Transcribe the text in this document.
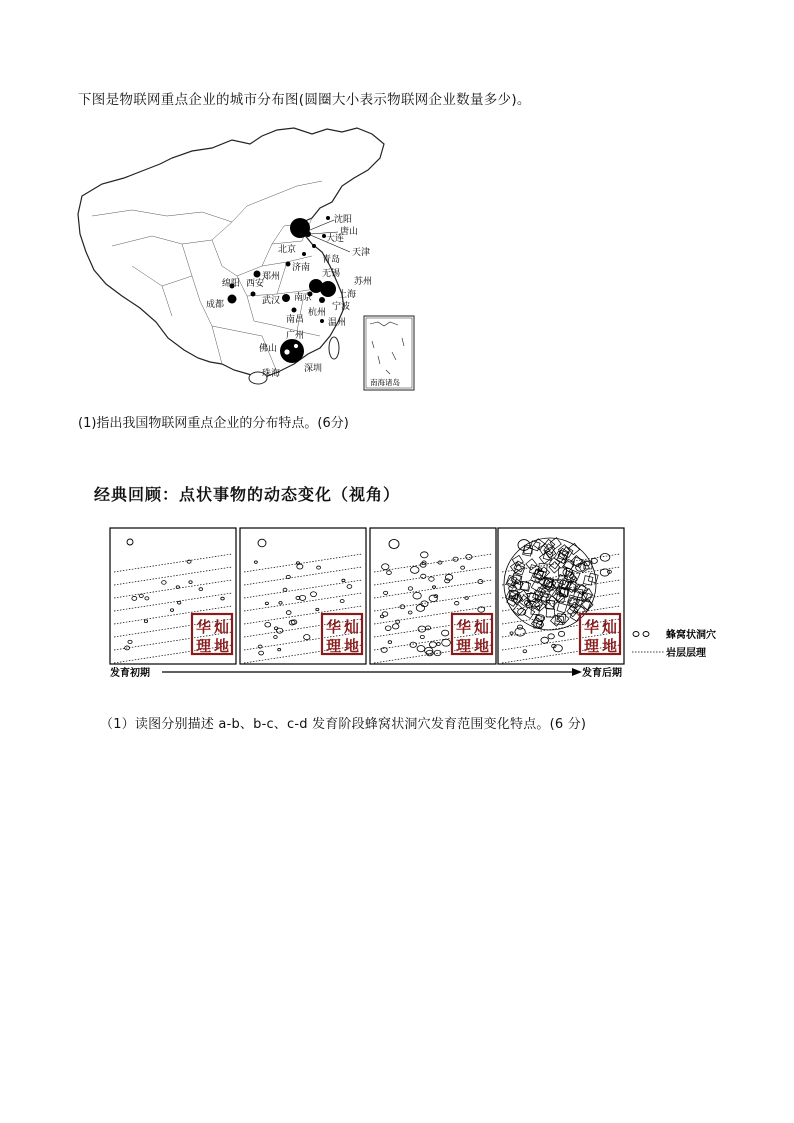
下图是物联网重点企业的城市分布图(圆圈大小表示物联网企业数量多少)。
沈阳
唐山
大连
北京	天津
济南
青岛
郑州	无锡
苏州
绵阳 西安
上海
成都	武汉 南京
宁波
杭州
南昌	温州
广州
佛山
珠海	深圳
南海诸岛
(1)指出我国物联网重点企业的分布特点。(6分)
经典回顾：点状事物的动态变化（视角）
灿
华
地
理
灿
华
地
理
灿
华
地
理
灿
华
地
理
蜂窝状洞穴
岩层层理
发育初期	发育后期
（1）读图分别描述 a-b、b-c、c-d 发育阶段蜂窝状洞穴发育范围变化特点。(6 分)
